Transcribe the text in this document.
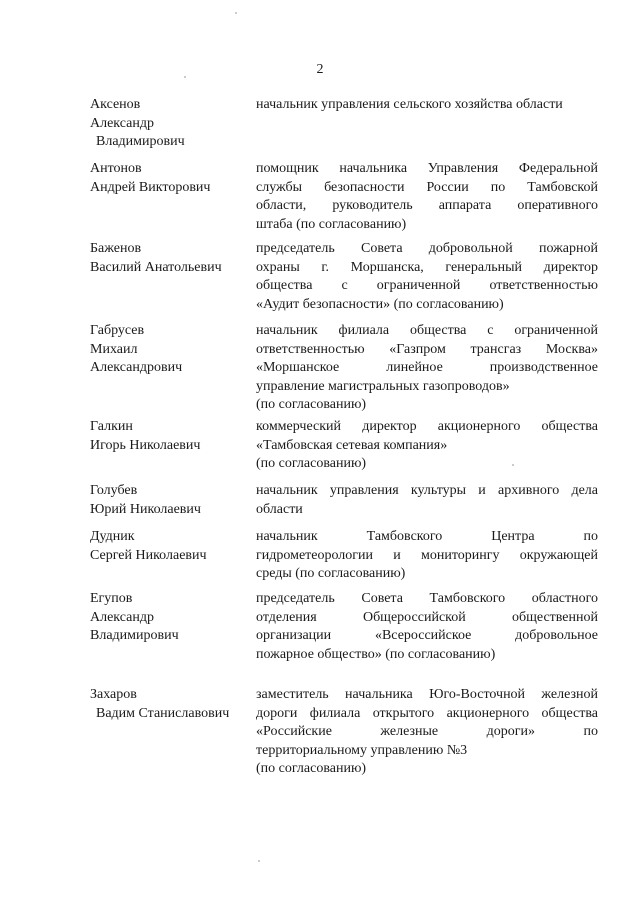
2
Аксенов
Александр
Владимирович
начальник управления сельского хозяйства области
Антонов
Андрей Викторович
помощник начальника Управления Федеральной
службы безопасности России по Тамбовской
области, руководитель аппарата оперативного
штаба (по согласованию)
Баженов
Василий Анатольевич
председатель Совета добровольной пожарной
охраны г. Моршанска, генеральный директор
общества с ограниченной ответственностью
«Аудит безопасности» (по согласованию)
Габрусев
Михаил
Александрович
начальник филиала общества с ограниченной
ответственностью «Газпром трансгаз Москва»
«Моршанское линейное производственное
управление магистральных газопроводов»
(по согласованию)
Галкин
Игорь Николаевич
коммерческий директор акционерного общества
«Тамбовская сетевая компания»
(по согласованию)
Голубев
Юрий Николаевич
начальник управления культуры и архивного дела
области
Дудник
Сергей Николаевич
начальник Тамбовского Центра по
гидрометеорологии и мониторингу окружающей
среды (по согласованию)
Егупов
Александр
Владимирович
председатель Совета Тамбовского областного
отделения Общероссийской общественной
организации «Всероссийское добровольное
пожарное общество» (по согласованию)
Захаров
Вадим Станиславович
заместитель начальника Юго-Восточной железной
дороги филиала открытого акционерного общества
«Российские железные дороги» по
территориальному управлению №3
(по согласованию)
